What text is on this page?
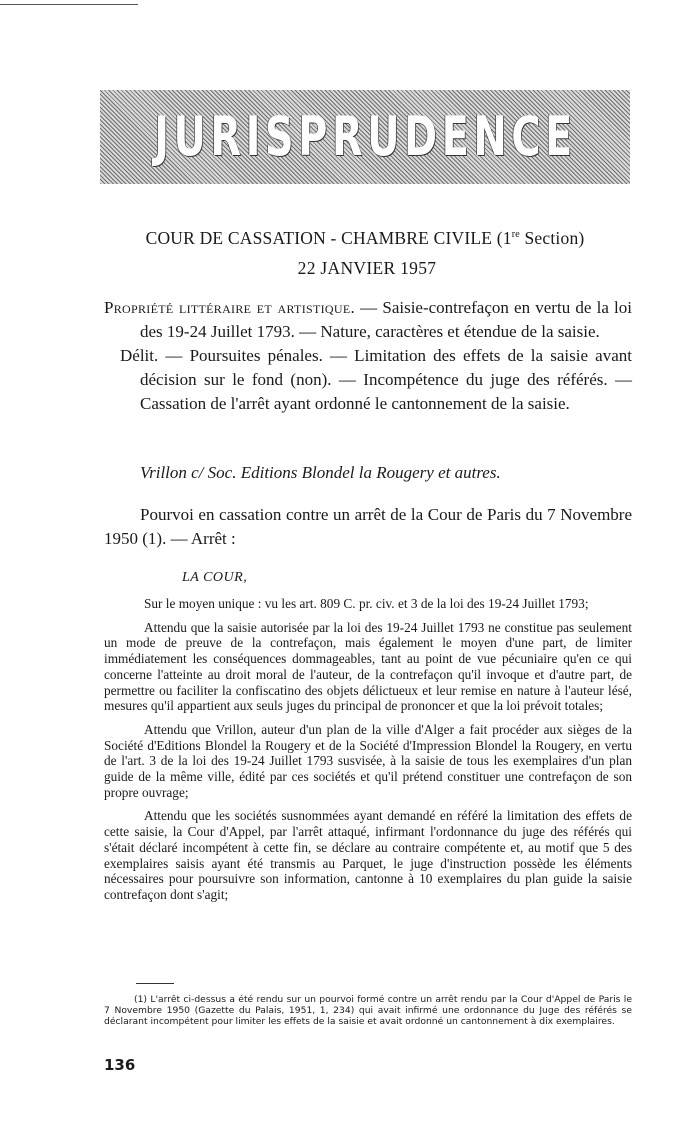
JURISPRUDENCE
COUR DE CASSATION - CHAMBRE CIVILE (1re Section)
22 JANVIER 1957

Propriété littéraire et artistique. — Saisie-contrefaçon en vertu de la loi des 19-24 Juillet 1793. — Nature, caractères et étendue de la saisie.

Délit. — Poursuites pénales. — Limitation des effets de la saisie avant décision sur le fond (non). — Incompétence du juge des référés. — Cassation de l'arrêt ayant ordonné le cantonnement de la saisie.

Vrillon c/ Soc. Editions Blondel la Rougery et autres.

Pourvoi en cassation contre un arrêt de la Cour de Paris du 7 Novembre 1950 (1). — Arrêt :

LA COUR,

Sur le moyen unique : vu les art. 809 C. pr. civ. et 3 de la loi des 19-24 Juillet 1793;

Attendu que la saisie autorisée par la loi des 19-24 Juillet 1793 ne constitue pas seulement un mode de preuve de la contrefaçon, mais également le moyen d'une part, de limiter immédiatement les conséquences dommageables, tant au point de vue pécuniaire qu'en ce qui concerne l'atteinte au droit moral de l'auteur, de la contrefaçon qu'il invoque et d'autre part, de permettre ou faciliter la confiscatino des objets délictueux et leur remise en nature à l'auteur lésé, mesures qu'il appartient aux seuls juges du principal de prononcer et que la loi prévoit totales;

Attendu que Vrillon, auteur d'un plan de la ville d'Alger a fait procéder aux sièges de la Société d'Editions Blondel la Rougery et de la Société d'Impression Blondel la Rougery, en vertu de l'art. 3 de la loi des 19-24 Juillet 1793 susvisée, à la saisie de tous les exemplaires d'un plan guide de la même ville, édité par ces sociétés et qu'il prétend constituer une contrefaçon de son propre ouvrage;

Attendu que les sociétés susnommées ayant demandé en référé la limitation des effets de cette saisie, la Cour d'Appel, par l'arrêt attaqué, infirmant l'ordonnance du juge des référés qui s'était déclaré incompétent à cette fin, se déclare au contraire compétente et, au motif que 5 des exemplaires saisis ayant été transmis au Parquet, le juge d'instruction possède les éléments nécessaires pour poursuivre son information, cantonne à 10 exemplaires du plan guide la saisie contrefaçon dont s'agit;

(1) L'arrêt ci-dessus a été rendu sur un pourvoi formé contre un arrêt rendu par la Cour d'Appel de Paris le 7 Novembre 1950 (Gazette du Palais, 1951, 1, 234) qui avait infirmé une ordonnance du Juge des référés se déclarant incompétent pour limiter les effets de la saisie et avait ordonné un cantonnement à dix exemplaires.

136
